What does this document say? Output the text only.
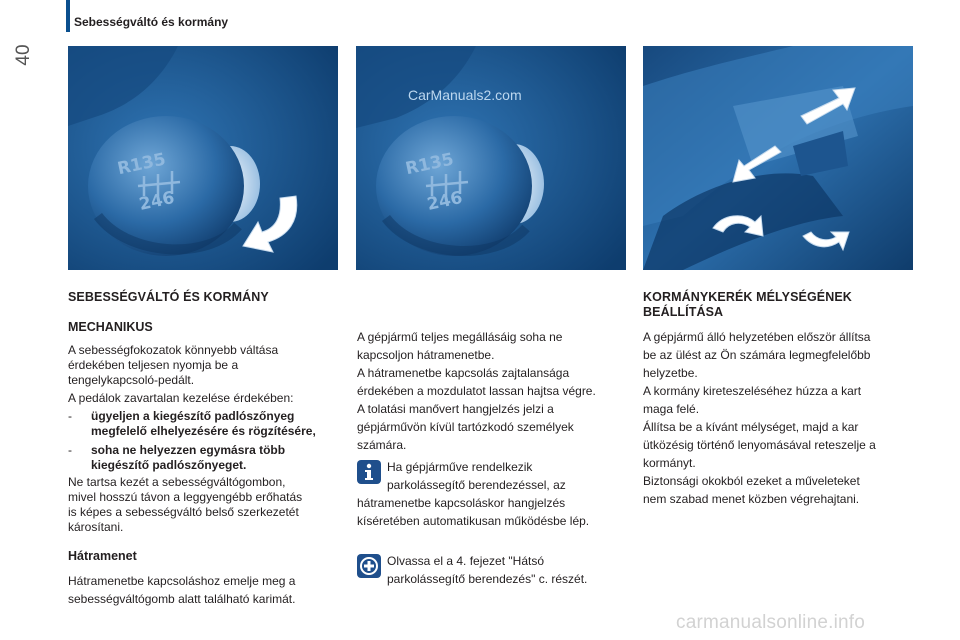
40
Sebességváltó és kormány
R135
246
R135
246
CarManuals2.com
SEBESSÉGVÁLTÓ ÉS KORMÁNY
MECHANIKUS
A sebességfokozatok könnyebb váltása
érdekében teljesen nyomja be a
tengelykapcsoló-pedált.
A pedálok zavartalan kezelése érdekében:
- ügyeljen a kiegészítő padlószőnyeg
megfelelő elhelyezésére és rögzítésére,
- soha ne helyezzen egymásra több
kiegészítő padlószőnyeget.
Ne tartsa kezét a sebességváltógombon,
mivel hosszú távon a leggyengébb erőhatás
is képes a sebességváltó belső szerkezetét
károsítani.
Hátramenet
Hátramenetbe kapcsoláshoz emelje meg a
sebességváltógomb alatt található karimát.
A gépjármű teljes megállásáig soha ne
kapcsoljon hátramenetbe.
A hátramenetbe kapcsolás zajtalansága
érdekében a mozdulatot lassan hajtsa végre.
A tolatási manővert hangjelzés jelzi a
gépjárművön kívül tartózkodó személyek
számára.
Ha gépjárműve rendelkezik
parkolássegítő berendezéssel, az
hátramenetbe kapcsoláskor hangjelzés
kíséretében automatikusan működésbe lép.
Olvassa el a 4. fejezet "Hátsó
parkolássegítő berendezés" c. részét.
KORMÁNYKERÉK MÉLYSÉGÉNEK
BEÁLLÍTÁSA
A gépjármű álló helyzetében először állítsa
be az ülést az Ön számára legmegfelelőbb
helyzetbe.
A kormány kireteszeléséhez húzza a kart
maga felé.
Állítsa be a kívánt mélységet, majd a kar
ütközésig történő lenyomásával reteszelje a
kormányt.
Biztonsági okokból ezeket a műveleteket
nem szabad menet közben végrehajtani.
carmanualsonline.info
